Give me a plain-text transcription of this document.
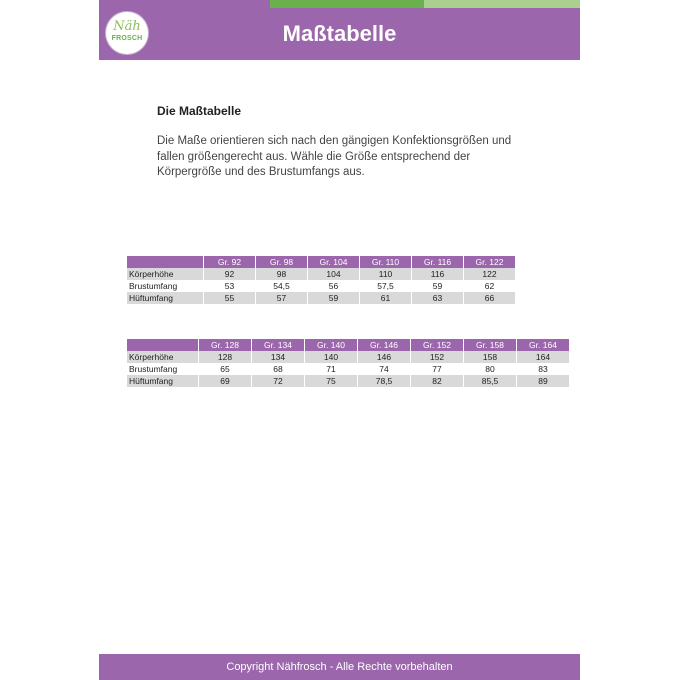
Näh
FROSCH	Maßtabelle
Die Maßtabelle
Die Maße orientieren sich nach den gängigen Konfektionsgrößen und fallen größengerecht aus. Wähle die Größe entsprechend der Körpergröße und des Brustumfangs aus.
	Gr. 92	Gr. 98	Gr. 104	Gr. 110	Gr. 116	Gr. 122
Körperhöhe	92	98	104	110	116	122
Brustumfang	53	54,5	56	57,5	59	62
Hüftumfang	55	57	59	61	63	66
	Gr. 128	Gr. 134	Gr. 140	Gr. 146	Gr. 152	Gr. 158	Gr. 164
Körperhöhe	128	134	140	146	152	158	164
Brustumfang	65	68	71	74	77	80	83
Hüftumfang	69	72	75	78,5	82	85,5	89
Copyright Nähfrosch - Alle Rechte vorbehalten
